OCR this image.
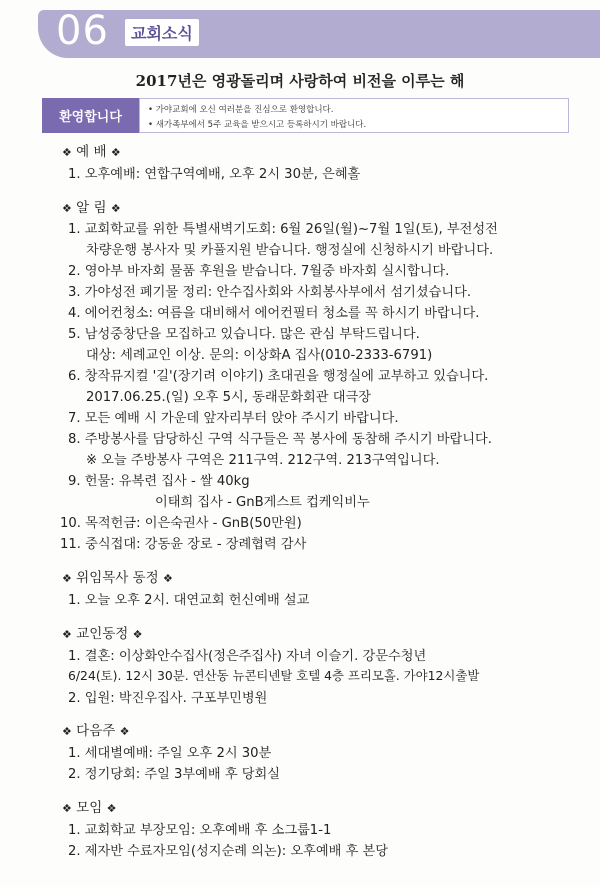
06	교회소식
2017년은 영광돌리며 사랑하여 비전을 이루는 해
환영합니다	• 가야교회에 오신 여러분을 진심으로 환영합니다.
• 새가족부에서 5주 교육을 받으시고 등록하시기 바랍니다.
❖ 예 배 ❖
1. 오후예배: 연합구역예배, 오후 2시 30분, 은혜홀
❖ 알 림 ❖
1. 교회학교를 위한 특별새벽기도회: 6월 26일(월)~7월 1일(토), 부전성전
차량운행 봉사자 및 카풀지원 받습니다. 행정실에 신청하시기 바랍니다.
2. 영아부 바자회 물품 후원을 받습니다. 7월중 바자회 실시합니다.
3. 가야성전 폐기물 정리: 안수집사회와 사회봉사부에서 섬기셨습니다.
4. 에어컨청소: 여름을 대비해서 에어컨필터 청소를 꼭 하시기 바랍니다.
5. 남성중창단을 모집하고 있습니다. 많은 관심 부탁드립니다.
대상: 세례교인 이상. 문의: 이상화A 집사(010-2333-6791)
6. 창작뮤지컬 '길'(장기려 이야기) 초대권을 행정실에 교부하고 있습니다.
2017.06.25.(일) 오후 5시, 동래문화회관 대극장
7. 모든 예배 시 가운데 앞자리부터 앉아 주시기 바랍니다.
8. 주방봉사를 담당하신 구역 식구들은 꼭 봉사에 동참해 주시기 바랍니다.
※ 오늘 주방봉사 구역은 211구역. 212구역. 213구역입니다.
9. 헌물: 유복련 집사 - 쌀 40kg
이태희 집사 - GnB게스트 컵케익비누
10. 목적헌금: 이은숙권사 - GnB(50만원)
11. 중식접대: 강동윤 장로 - 장례협력 감사
❖ 위임목사 동정 ❖
1. 오늘 오후 2시. 대연교회 헌신예배 설교
❖ 교인동정 ❖
1. 결혼: 이상화안수집사(정은주집사) 자녀 이슬기. 강문수청년
6/24(토). 12시 30분. 연산동 뉴콘티넨탈 호텔 4층 프리모홀. 가야12시출발
2. 입원: 박진우집사. 구포부민병원
❖ 다음주 ❖
1. 세대별예배: 주일 오후 2시 30분
2. 정기당회: 주일 3부예배 후 당회실
❖ 모임 ❖
1. 교회학교 부장모임: 오후예배 후 소그룹1-1
2. 제자반 수료자모임(성지순례 의논): 오후예배 후 본당
